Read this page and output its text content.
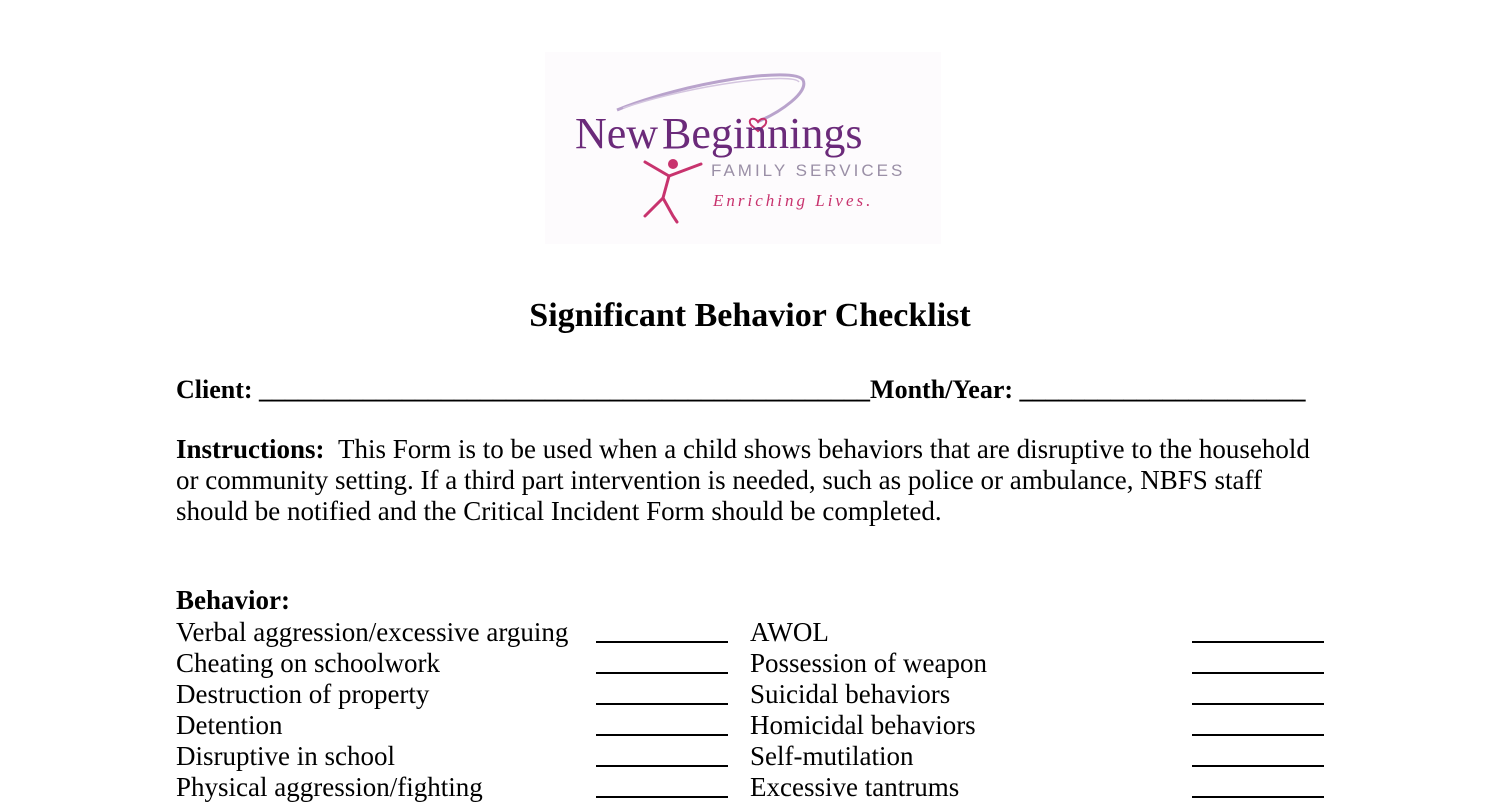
New Beginnings
FAMILY SERVICES
Enriching Lives.
Significant Behavior Checklist
Client: _______________________________________________Month/Year: ______________________
Instructions: This Form is to be used when a child shows behaviors that are disruptive to the household
or community setting. If a third part intervention is needed, such as police or ambulance, NBFS staff
should be notified and the Critical Incident Form should be completed.
Behavior:
Verbal aggression/excessive arguing	AWOL
Cheating on schoolwork	Possession of weapon
Destruction of property	Suicidal behaviors
Detention	Homicidal behaviors
Disruptive in school	Self-mutilation
Physical aggression/fighting	Excessive tantrums
